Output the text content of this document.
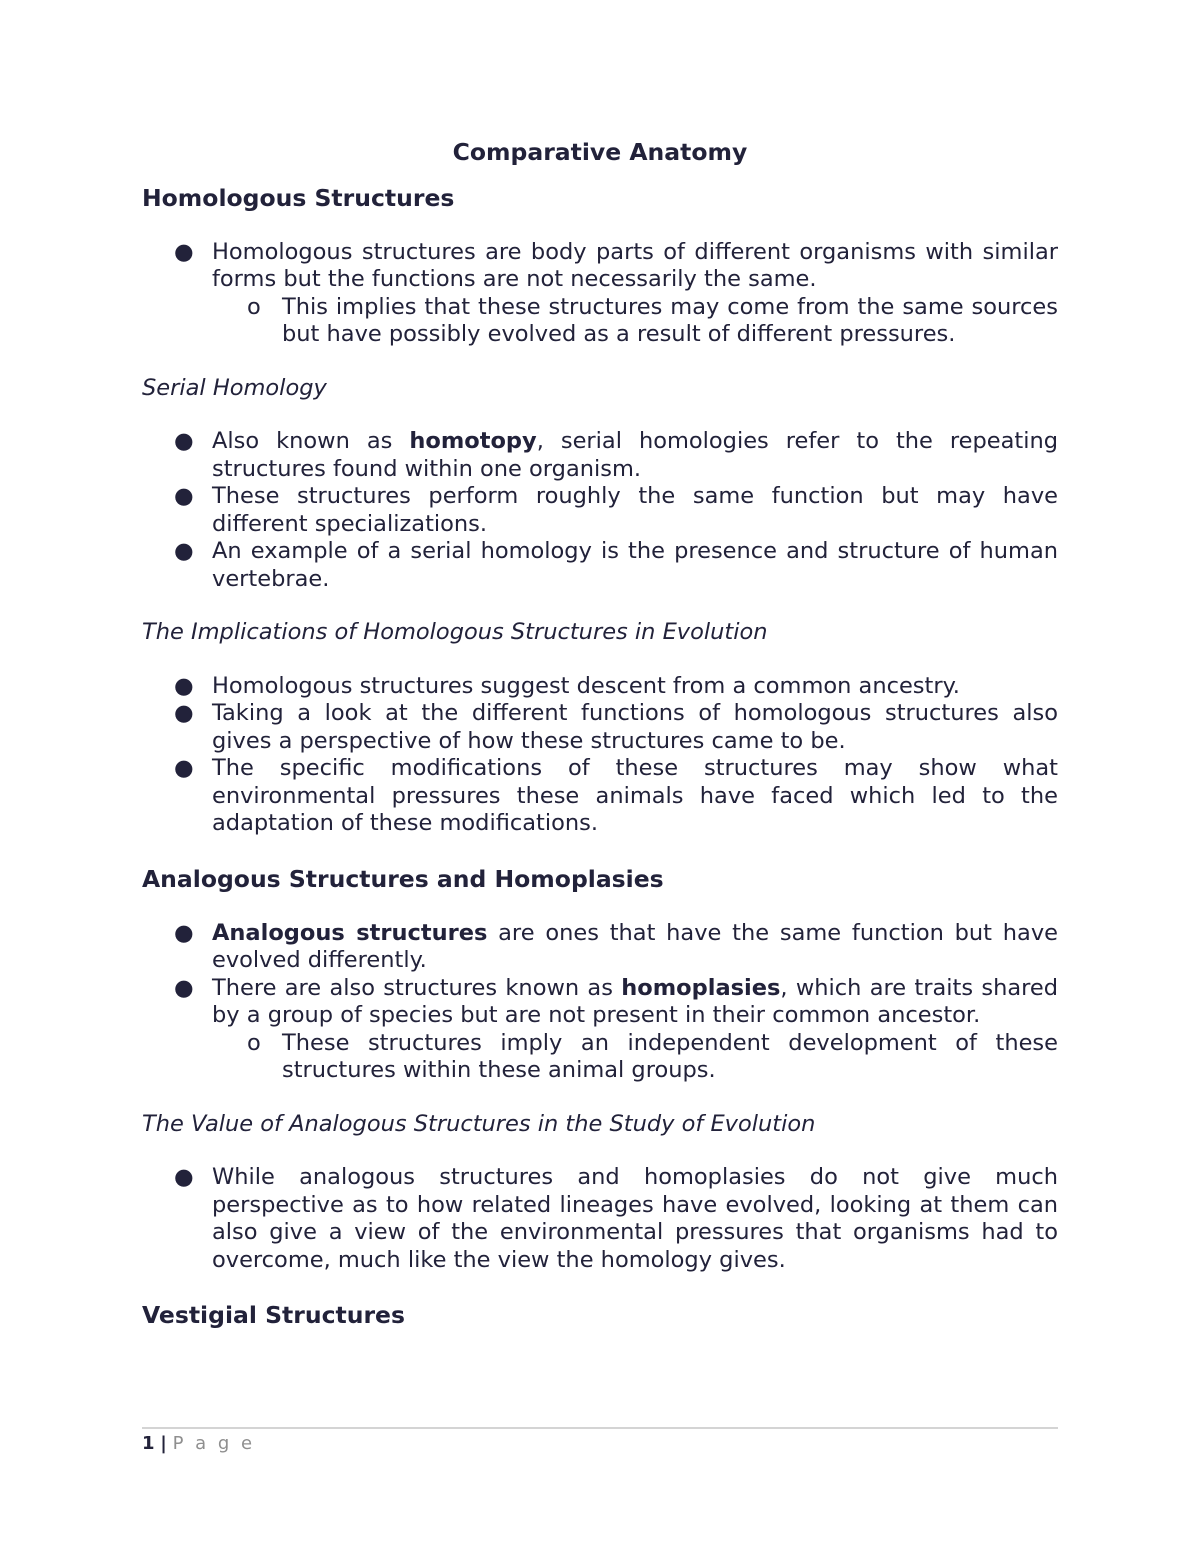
Comparative Anatomy
Homologous Structures
● Homologous structures are body parts of different organisms with similar forms but the functions are not necessarily the same.
o This implies that these structures may come from the same sources but have possibly evolved as a result of different pressures.
Serial Homology
● Also known as homotopy, serial homologies refer to the repeating structures found within one organism.
● These structures perform roughly the same function but may have different specializations.
● An example of a serial homology is the presence and structure of human vertebrae.
The Implications of Homologous Structures in Evolution
● Homologous structures suggest descent from a common ancestry.
● Taking a look at the different functions of homologous structures also gives a perspective of how these structures came to be.
● The specific modifications of these structures may show what environmental pressures these animals have faced which led to the adaptation of these modifications.
Analogous Structures and Homoplasies
● Analogous structures are ones that have the same function but have evolved differently.
● There are also structures known as homoplasies, which are traits shared by a group of species but are not present in their common ancestor.
o These structures imply an independent development of these structures within these animal groups.
The Value of Analogous Structures in the Study of Evolution
● While analogous structures and homoplasies do not give much perspective as to how related lineages have evolved, looking at them can also give a view of the environmental pressures that organisms had to overcome, much like the view the homology gives.
Vestigial Structures
1 | P a g e
